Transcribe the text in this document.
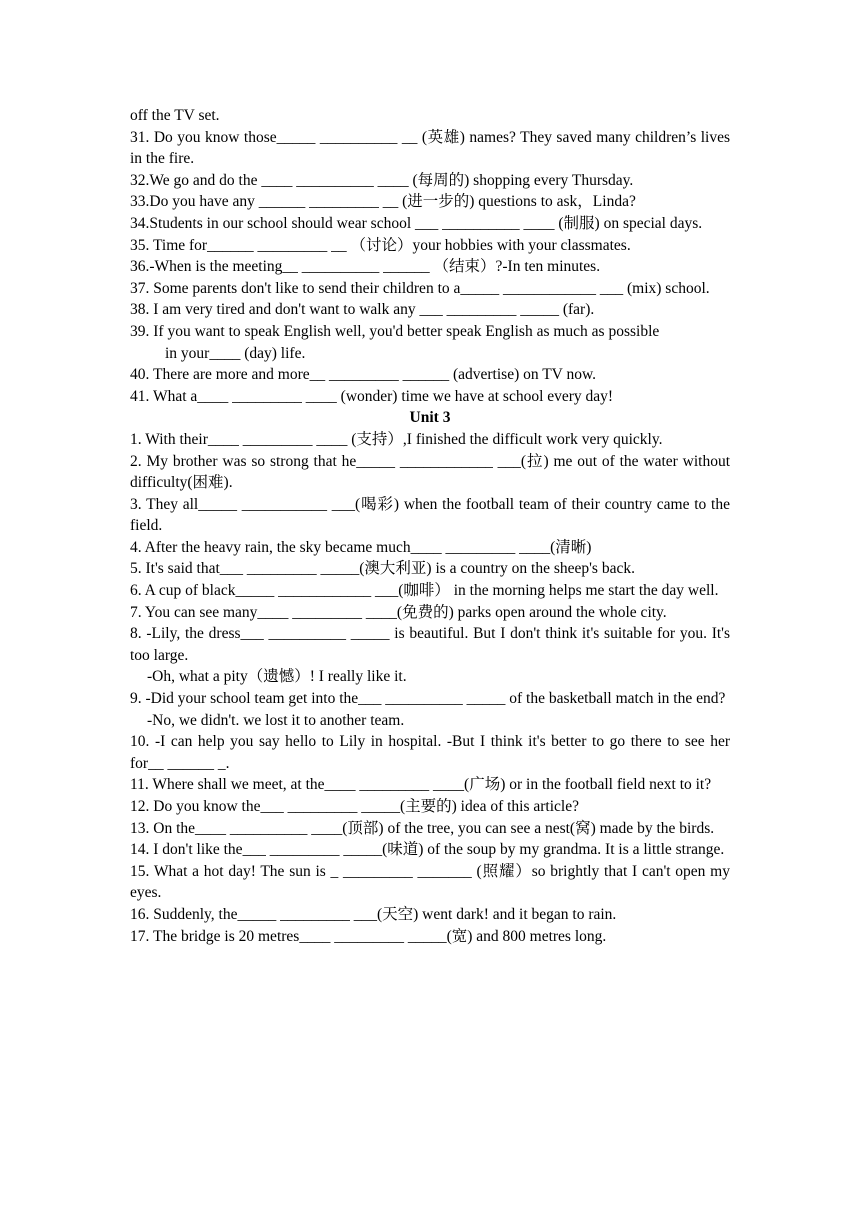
off the TV set.

31. Do you know those_____ __________ __ (英雄) names? They saved many children’s lives in the fire.

32.We go and do the ____ __________ ____ (每周的) shopping every Thursday.

33.Do you have any ______ _________ __ (进一步的) questions to ask，Linda?

34.Students in our school should wear school ___ __________ ____ (制服) on special days.

35. Time for______ _________ __ （讨论）your hobbies with your classmates.

36.-When is the meeting__ __________ ______ （结束）?-In ten minutes.

37. Some parents don't like to send their children to a_____ ____________ ___ (mix) school.

38. I am very tired and don't want to walk any ___ _________ _____ (far).

39. If you want to speak English well, you'd better speak English as much as possible

in your____ (day) life.

40. There are more and more__ _________ ______ (advertise) on TV now.

41. What a____ _________ ____ (wonder) time we have at school every day!

Unit 3

1. With their____ _________ ____ (支持）,I finished the difficult work very quickly.

2. My brother was so strong that he_____ ____________ ___(拉) me out of the water without difficulty(困难).

3. They all_____ ___________ ___(喝彩) when the football team of their country came to the field.

4. After the heavy rain, the sky became much____ _________ ____(清晰)

5. It's said that___ _________ _____(澳大利亚) is a country on the sheep's back.

6. A cup of black_____ ____________ ___(咖啡） in the morning helps me start the day well.

7. You can see many____ _________ ____(免费的) parks open around the whole city.

8. -Lily, the dress___ __________ _____ is beautiful. But I don't think it's suitable for you. It's too large.

-Oh, what a pity（遗憾）! I really like it.

9. -Did your school team get into the___ __________ _____ of the basketball match in the end?

-No, we didn't. we lost it to another team.

10. -I can help you say hello to Lily in hospital. -But I think it's better to go there to see her for__ ______ _.

11. Where shall we meet, at the____ _________ ____(广场) or in the football field next to it?

12. Do you know the___ _________ _____(主要的) idea of this article?

13. On the____ __________ ____(顶部) of the tree, you can see a nest(窝) made by the birds.

14. I don't like the___ _________ _____(味道) of the soup by my grandma. It is a little strange.

15. What a hot day! The sun is _ _________ _______ (照耀）so brightly that I can't open my eyes.

16. Suddenly, the_____ _________ ___(天空) went dark! and it began to rain.

17. The bridge is 20 metres____ _________ _____(宽) and 800 metres long.
